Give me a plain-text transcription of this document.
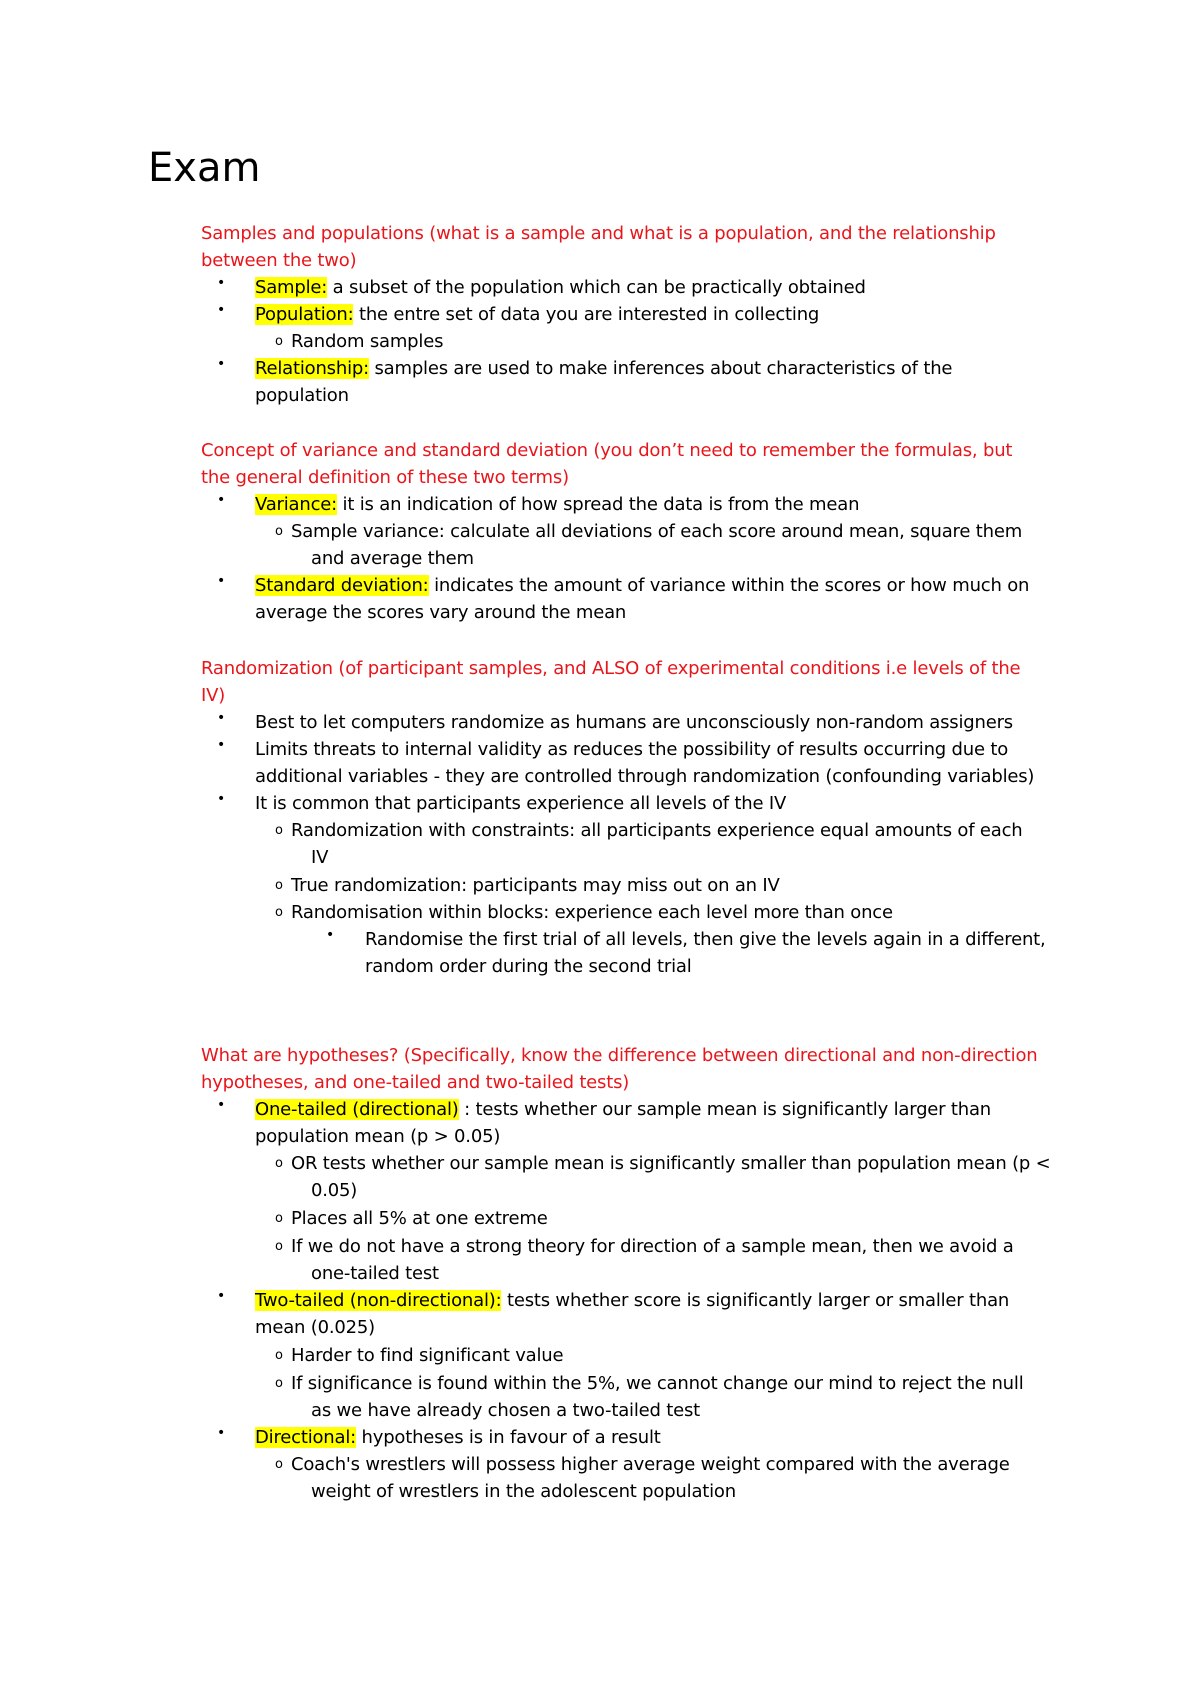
Exam
Samples and populations (what is a sample and what is a population, and the relationship
between the two)
• Sample: a subset of the population which can be practically obtained
• Population: the entre set of data you are interested in collecting
o Random samples
• Relationship: samples are used to make inferences about characteristics of the
population
Concept of variance and standard deviation (you don’t need to remember the formulas, but
the general definition of these two terms)
• Variance: it is an indication of how spread the data is from the mean
o Sample variance: calculate all deviations of each score around mean, square them
and average them
• Standard deviation: indicates the amount of variance within the scores or how much on
average the scores vary around the mean
Randomization (of participant samples, and ALSO of experimental conditions i.e levels of the
IV)
• Best to let computers randomize as humans are unconsciously non-random assigners
• Limits threats to internal validity as reduces the possibility of results occurring due to
additional variables - they are controlled through randomization (confounding variables)
• It is common that participants experience all levels of the IV
o Randomization with constraints: all participants experience equal amounts of each
IV
o True randomization: participants may miss out on an IV
o Randomisation within blocks: experience each level more than once
• Randomise the first trial of all levels, then give the levels again in a different,
random order during the second trial
What are hypotheses? (Specifically, know the difference between directional and non-direction
hypotheses, and one-tailed and two-tailed tests)
• One-tailed (directional) : tests whether our sample mean is significantly larger than
population mean (p > 0.05)
o OR tests whether our sample mean is significantly smaller than population mean (p <
0.05)
o Places all 5% at one extreme
o If we do not have a strong theory for direction of a sample mean, then we avoid a
one-tailed test
• Two-tailed (non-directional): tests whether score is significantly larger or smaller than
mean (0.025)
o Harder to find significant value
o If significance is found within the 5%, we cannot change our mind to reject the null
as we have already chosen a two-tailed test
• Directional: hypotheses is in favour of a result
o Coach's wrestlers will possess higher average weight compared with the average
weight of wrestlers in the adolescent population
